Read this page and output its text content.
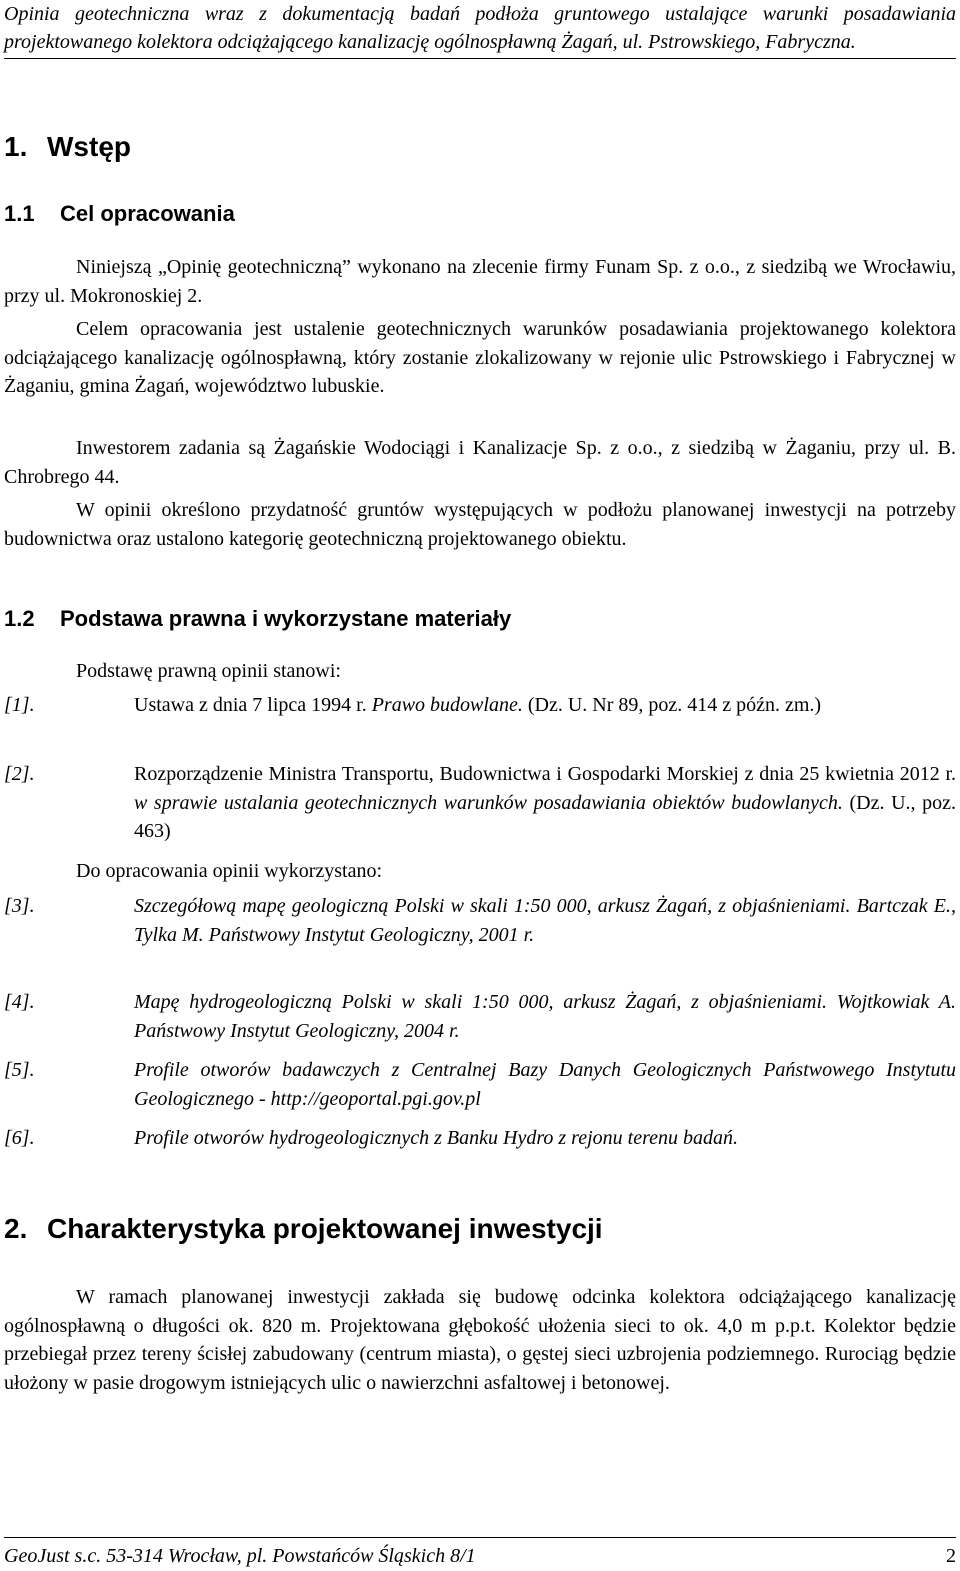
Opinia geotechniczna wraz z dokumentacją badań podłoża gruntowego ustalające warunki posadawiania
projektowanego kolektora odciążającego kanalizację ogólnospławną Żagań, ul. Pstrowskiego, Fabryczna.
1. Wstęp
1.1 Cel opracowania

Niniejszą „Opinię geotechniczną” wykonano na zlecenie firmy Funam Sp. z o.o., z siedzibą we Wrocławiu, przy ul. Mokronoskiej 2.

Celem opracowania jest ustalenie geotechnicznych warunków posadawiania projektowanego kolektora odciążającego kanalizację ogólnospławną, który zostanie zlokalizowany w rejonie ulic Pstrowskiego i Fabrycznej w Żaganiu, gmina Żagań, województwo lubuskie.

Inwestorem zadania są Żagańskie Wodociągi i Kanalizacje Sp. z o.o., z siedzibą w Żaganiu, przy ul. B. Chrobrego 44.

W opinii określono przydatność gruntów występujących w podłożu planowanej inwestycji na potrzeby budownictwa oraz ustalono kategorię geotechniczną projektowanego obiektu.

1.2 Podstawa prawna i wykorzystane materiały

Podstawę prawną opinii stanowi:

[1].	Ustawa z dnia 7 lipca 1994 r. Prawo budowlane. (Dz. U. Nr 89, poz. 414 z późn. zm.)
[2].	Rozporządzenie Ministra Transportu, Budownictwa i Gospodarki Morskiej z dnia 25 kwietnia 2012 r. w sprawie ustalania geotechnicznych warunków posadawiania obiektów budowlanych. (Dz. U., poz. 463)

Do opracowania opinii wykorzystano:

[3].	Szczegółową mapę geologiczną Polski w skali 1:50 000, arkusz Żagań, z objaśnieniami. Bartczak E., Tylka M. Państwowy Instytut Geologiczny, 2001 r.
[4].	Mapę hydrogeologiczną Polski w skali 1:50 000, arkusz Żagań, z objaśnieniami. Wojtkowiak A. Państwowy Instytut Geologiczny, 2004 r.
[5].	Profile otworów badawczych z Centralnej Bazy Danych Geologicznych Państwowego Instytutu Geologicznego - http://geoportal.pgi.gov.pl
[6].	Profile otworów hydrogeologicznych z Banku Hydro z rejonu terenu badań.
2. Charakterystyka projektowanej inwestycji

W ramach planowanej inwestycji zakłada się budowę odcinka kolektora odciążającego kanalizację ogólnospławną o długości ok. 820 m. Projektowana głębokość ułożenia sieci to ok. 4,0 m p.p.t. Kolektor będzie przebiegał przez tereny ścisłej zabudowany (centrum miasta), o gęstej sieci uzbrojenia podziemnego. Rurociąg będzie ułożony w pasie drogowym istniejących ulic o nawierzchni asfaltowej i betonowej.

GeoJust s.c. 53-314 Wrocław, pl. Powstańców Śląskich 8/1	2
